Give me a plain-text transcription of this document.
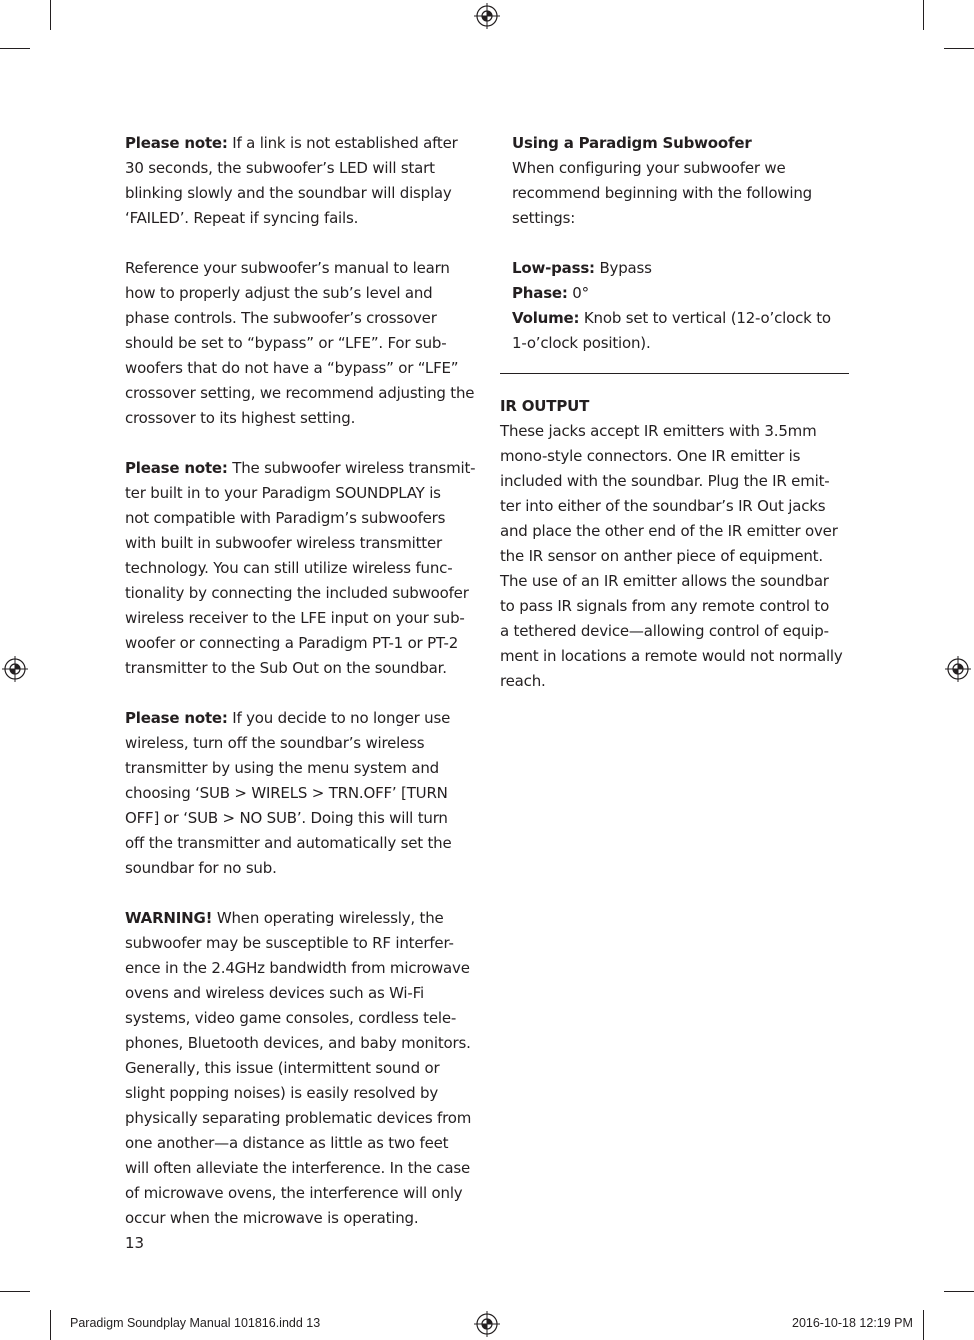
Please note: If a link is not established after
30 seconds, the subwoofer’s LED will start
blinking slowly and the soundbar will display
‘FAILED’. Repeat if syncing fails.

Reference your subwoofer’s manual to learn
how to properly adjust the sub’s level and
phase controls. The subwoofer’s crossover
should be set to “bypass” or “LFE”. For sub-
woofers that do not have a “bypass” or “LFE”
crossover setting, we recommend adjusting the
crossover to its highest setting.

Please note: The subwoofer wireless transmit-
ter built in to your Paradigm SOUNDPLAY is
not compatible with Paradigm’s subwoofers
with built in subwoofer wireless transmitter
technology. You can still utilize wireless func-
tionality by connecting the included subwoofer
wireless receiver to the LFE input on your sub-
woofer or connecting a Paradigm PT-1 or PT-2
transmitter to the Sub Out on the soundbar.

Please note: If you decide to no longer use
wireless, turn off the soundbar’s wireless
transmitter by using the menu system and
choosing ‘SUB > WIRELS > TRN.OFF’ [TURN
OFF] or ‘SUB > NO SUB’. Doing this will turn
off the transmitter and automatically set the
soundbar for no sub.

WARNING! When operating wirelessly, the
subwoofer may be susceptible to RF interfer-
ence in the 2.4GHz bandwidth from microwave
ovens and wireless devices such as Wi-Fi
systems, video game consoles, cordless tele-
phones, Bluetooth devices, and baby monitors.
Generally, this issue (intermittent sound or
slight popping noises) is easily resolved by
physically separating problematic devices from
one another—a distance as little as two feet
will often alleviate the interference. In the case
of microwave ovens, the interference will only
occur when the microwave is operating.

Using a Paradigm Subwoofer

When configuring your subwoofer we
recommend beginning with the following
settings:

Low-pass: Bypass

Phase: 0°

Volume: Knob set to vertical (12-o’clock to
1-o’clock position).

IR OUTPUT

These jacks accept IR emitters with 3.5mm
mono-style connectors. One IR emitter is
included with the soundbar. Plug the IR emit-
ter into either of the soundbar’s IR Out jacks
and place the other end of the IR emitter over
the IR sensor on anther piece of equipment.
The use of an IR emitter allows the soundbar
to pass IR signals from any remote control to
a tethered device—allowing control of equip-
ment in locations a remote would not normally
reach.

13
Paradigm Soundplay Manual 101816.indd 13	2016-10-18 12:19 PM
